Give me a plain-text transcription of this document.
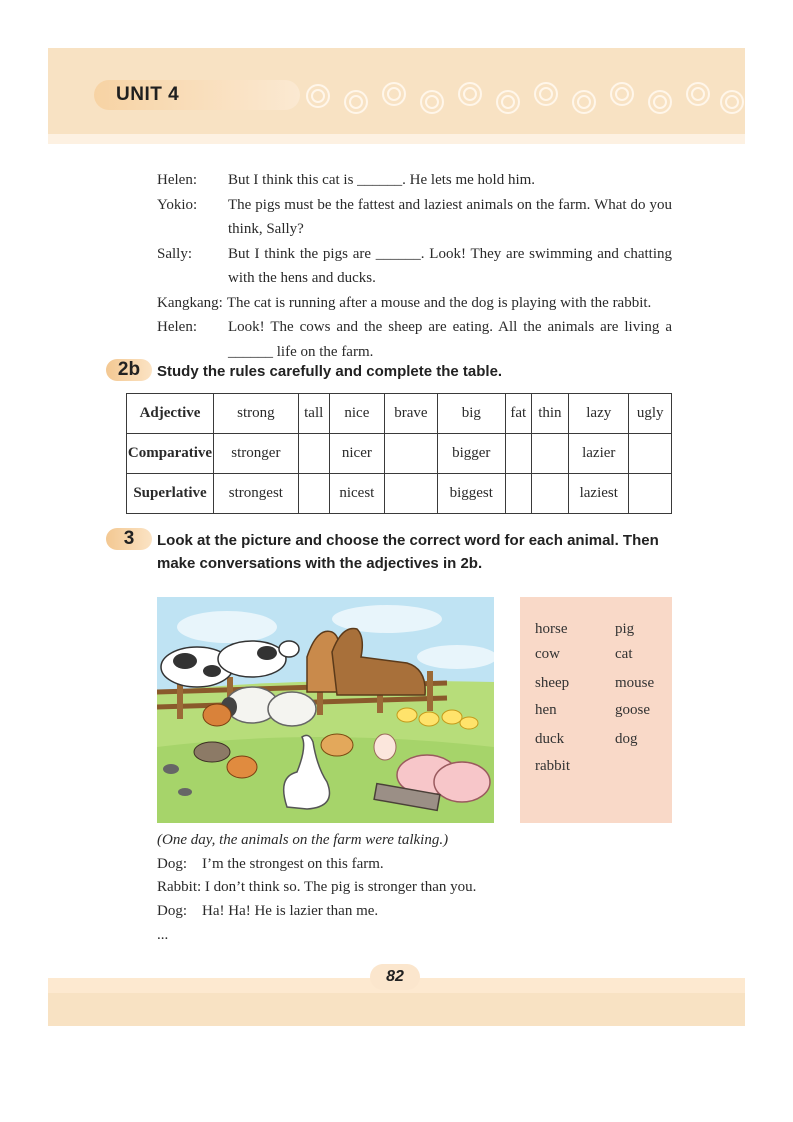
UNIT 4
Helen:	But I think this cat is ______. He lets me hold him.
Yokio:	The pigs must be the fattest and laziest animals on the farm. What do you think, Sally?
Sally:	But I think the pigs are ______. Look! They are swimming and chatting with the hens and ducks.
Kangkang: The cat is running after a mouse and the dog is playing with the rabbit.
Helen:	Look! The cows and the sheep are eating. All the animals are living a ______ life on the farm.
2b	Study the rules carefully and complete the table.
Adjective	strong	tall	nice	brave	big	fat	thin	lazy	ugly
Comparative	stronger		nicer		bigger			lazier	
Superlative	strongest		nicest		biggest			laziest	
3	Look at the picture and choose the correct word for each animal. Then
make conversations with the adjectives in 2b.
horse
cow
sheep
hen
duck
rabbit
pig
cat
mouse
goose
dog
(One day, the animals on the farm were talking.)
Dog: I’m the strongest on this farm.
Rabbit: I don’t think so. The pig is stronger than you.
Dog: Ha! Ha! He is lazier than me.
...
82
